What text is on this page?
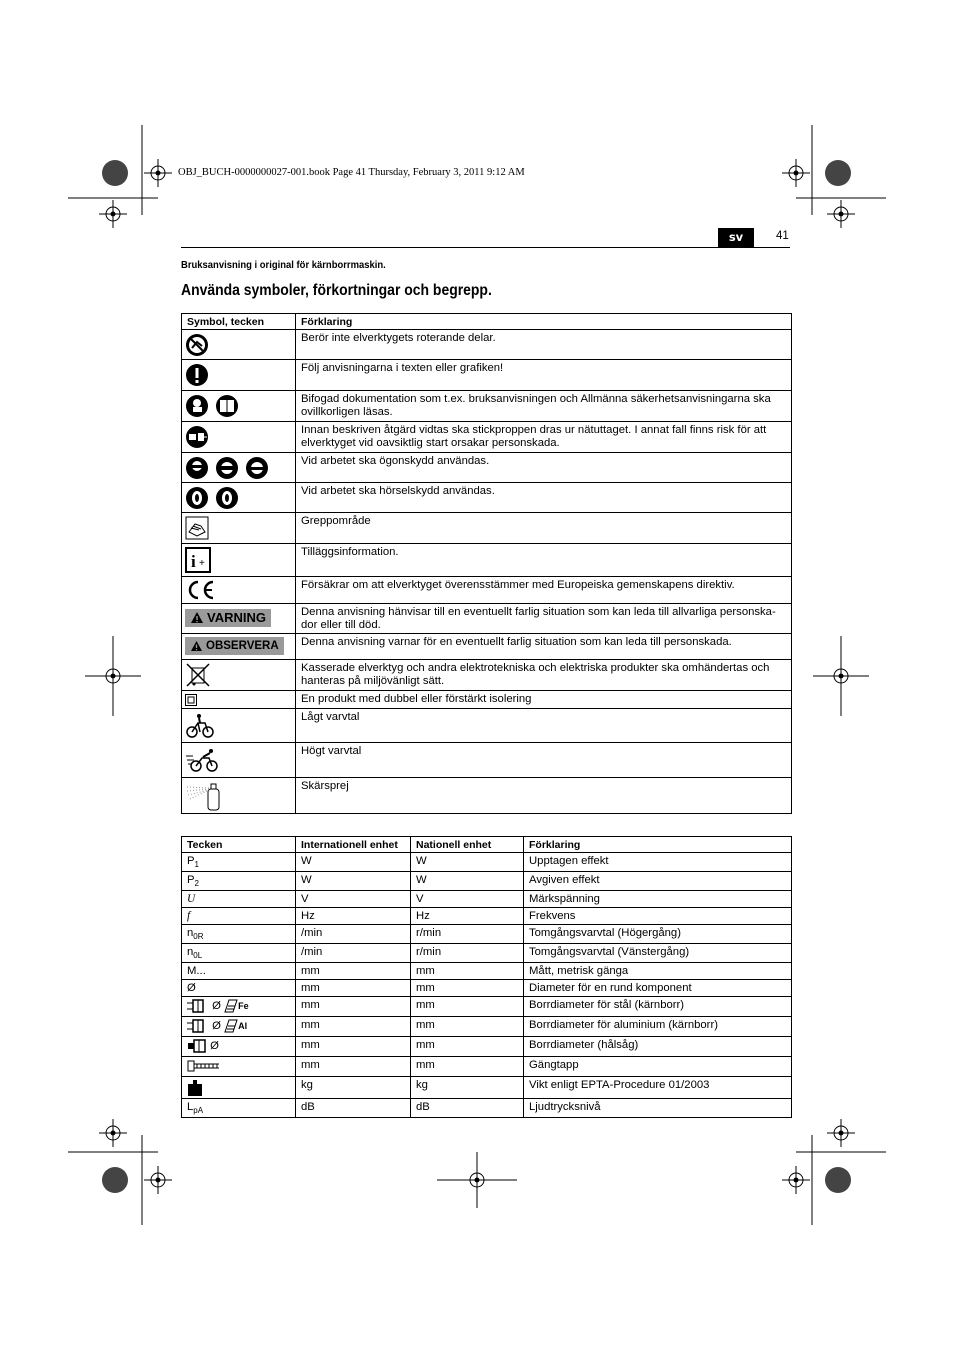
OBJ_BUCH-0000000027-001.book Page 41 Thursday, February 3, 2011 9:12 AM
sv	41
Bruksanvisning i original för kärnborrmaskin.
Använda symboler, förkortningar och begrepp.
Symbol, tecken	Förklaring

	Berör inte elverktygets roterande delar.

	Följ anvisningarna i texten eller grafiken!

	Bifogad dokumentation som t.ex. bruksanvisningen och Allmänna säkerhetsanvisningarna ska ovillkorligen läsas.

	Innan beskriven åtgärd vidtas ska stickproppen dras ur nätuttaget. I annat fall finns risk för att elverktyget vid oavsiktlig start orsakar personskada.

	Vid arbetet ska ögonskydd användas.

	Vid arbetet ska hörselskydd användas.

	Greppområde

i +	Tilläggsinformation.

	Försäkrar om att elverktyget överensstämmer med Europeiska gemenskapens direktiv.

VARNING	Denna anvisning hänvisar till en eventuellt farlig situation som kan leda till allvarliga personska-dor eller till död.

OBSERVERA	Denna anvisning varnar för en eventuellt farlig situation som kan leda till personskada.

	Kasserade elverktyg och andra elektrotekniska och elektriska produkter ska omhändertas och hanteras på miljövänligt sätt.

	En produkt med dubbel eller förstärkt isolering

	Lågt varvtal

	Högt varvtal

	Skärsprej
Tecken	Internationell enhet	Nationell enhet	Förklaring
$P_1$	W	W	Upptagen effekt
$P_2$	W	W	Avgiven effekt
U	V	V	Märkspänning
f	Hz	Hz	Frekvens
$n_{0R}$	/min	r/min	Tomgångsvarvtal (Högergång)
$n_{0L}$	/min	r/min	Tomgångsvarvtal (Vänstergång)
M...	mm	mm	Mått, metrisk gänga
Ø	mm	mm	Diameter för en rund komponent
Ø Fe	mm	mm	Borrdiameter för stål (kärnborr)
Ø Al	mm	mm	Borrdiameter för aluminium (kärnborr)
Ø	mm	mm	Borrdiameter (hålsåg)
	mm	mm	Gängtapp
	kg	kg	Vikt enligt EPTA-Procedure 01/2003
$L_{pA}$	dB	dB	Ljudtrycksnivå
